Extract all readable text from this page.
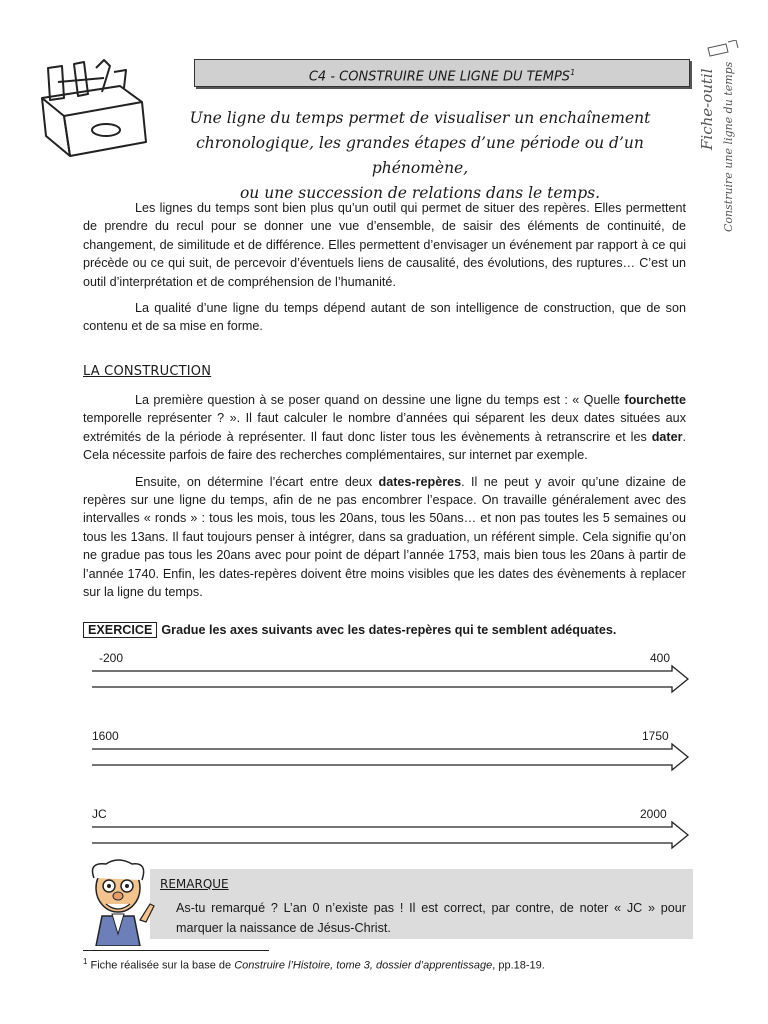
C4 - CONSTRUIRE UNE LIGNE DU TEMPS$^1$	Fiche-outil Construire une ligne du temps
Une ligne du temps permet de visualiser un enchaînement
chronologique, les grandes étapes d’une période ou d’un phénomène,
ou une succession de relations dans le temps.

Les lignes du temps sont bien plus qu’un outil qui permet de situer des repères. Elles permettent de prendre du recul pour se donner une vue d’ensemble, de saisir des éléments de continuité, de changement, de similitude et de différence. Elles permettent d’envisager un événement par rapport à ce qui précède ou ce qui suit, de percevoir d’éventuels liens de causalité, des évolutions, des ruptures… C’est un outil d’interprétation et de compréhension de l’humanité.

La qualité d’une ligne du temps dépend autant de son intelligence de construction, que de son contenu et de sa mise en forme.

LA CONSTRUCTION

La première question à se poser quand on dessine une ligne du temps est : « Quelle fourchette temporelle représenter ? ». Il faut calculer le nombre d’années qui séparent les deux dates situées aux extrémités de la période à représenter. Il faut donc lister tous les évènements à retranscrire et les dater. Cela nécessite parfois de faire des recherches complémentaires, sur internet par exemple.

Ensuite, on détermine l’écart entre deux dates-repères. Il ne peut y avoir qu’une dizaine de repères sur une ligne du temps, afin de ne pas encombrer l’espace. On travaille généralement avec des intervalles « ronds » : tous les mois, tous les 20ans, tous les 50ans… et non pas toutes les 5 semaines ou tous les 13ans. Il faut toujours penser à intégrer, dans sa graduation, un référent simple. Cela signifie qu’on ne gradue pas tous les 20ans avec pour point de départ l’année 1753, mais bien tous les 20ans à partir de l’année 1740. Enfin, les dates-repères doivent être moins visibles que les dates des évènements à replacer sur la ligne du temps.

EXERCICE Gradue les axes suivants avec les dates-repères qui te semblent adéquates.
-200	400
1600	1750
JC	2000
REMARQUE
As-tu remarqué ? L’an 0 n’existe pas ! Il est correct, par contre, de noter « JC » pour marquer la naissance de Jésus-Christ.
$^1$ Fiche réalisée sur la base de Construire l’Histoire, tome 3, dossier d’apprentissage, pp.18-19.
